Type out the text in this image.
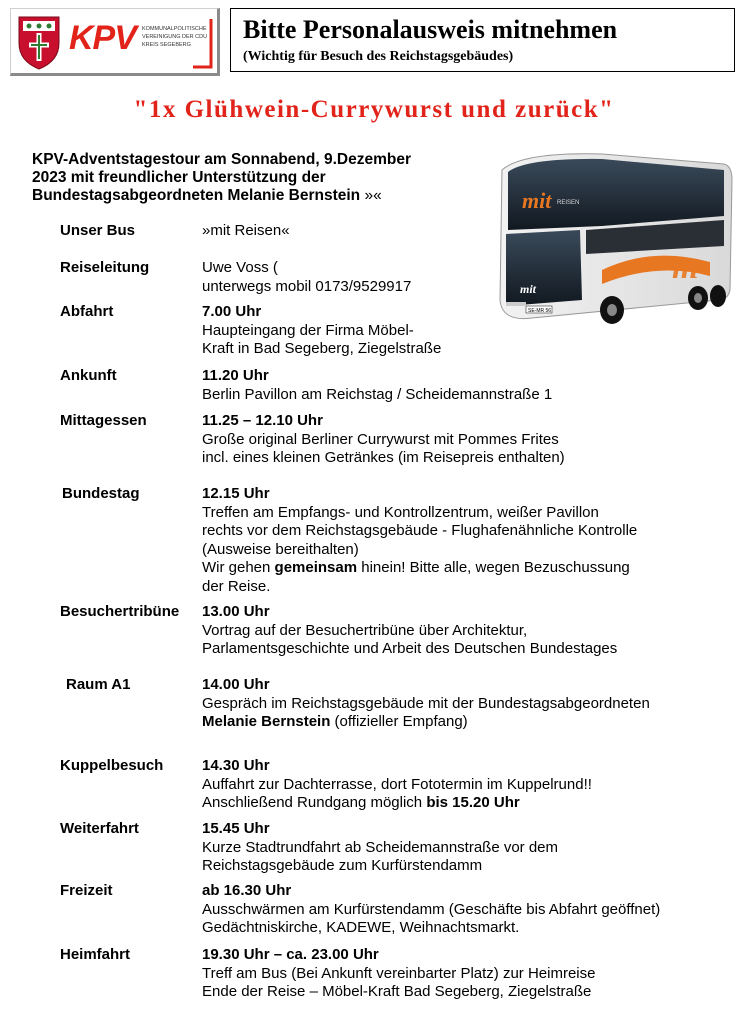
KPV KOMMUNALPOLITISCHE
VEREINIGUNG DER CDU
KREIS SEGEBERG
Bitte Personalausweis mitnehmen
(Wichtig für Besuch des Reichstagsgebäudes)
"1x Glühwein-Currywurst und zurück"
KPV-Adventstagestour am Sonnabend, 9.Dezember
2023 mit freundlicher Unterstützung der
Bundestagsabgeordneten Melanie Bernstein »«	mit REISEN
m
mit
SE-MR 56
Unser Bus	»mit Reisen«
Reiseleitung	Uwe Voss (
unterwegs mobil 0173/9529917
Abfahrt	7.00 Uhr
Haupteingang der Firma Möbel-
Kraft in Bad Segeberg, Ziegelstraße
Ankunft	11.20 Uhr
Berlin Pavillon am Reichstag / Scheidemannstraße 1
Mittagessen	11.25 – 12.10 Uhr
Große original Berliner Currywurst mit Pommes Frites
incl. eines kleinen Getränkes (im Reisepreis enthalten)
Bundestag	12.15 Uhr
Treffen am Empfangs- und Kontrollzentrum, weißer Pavillon
rechts vor dem Reichstagsgebäude - Flughafenähnliche Kontrolle
(Ausweise bereithalten)
Wir gehen gemeinsam hinein! Bitte alle, wegen Bezuschussung
der Reise.
Besuchertribüne 13.00 Uhr
Vortrag auf der Besuchertribüne über Architektur,
Parlamentsgeschichte und Arbeit des Deutschen Bundestages
Raum A1	14.00 Uhr
Gespräch im Reichstagsgebäude mit der Bundestagsabgeordneten
Melanie Bernstein (offizieller Empfang)
Kuppelbesuch	14.30 Uhr
Auffahrt zur Dachterrasse, dort Fototermin im Kuppelrund!!
Anschließend Rundgang möglich bis 15.20 Uhr
Weiterfahrt	15.45 Uhr
Kurze Stadtrundfahrt ab Scheidemannstraße vor dem
Reichstagsgebäude zum Kurfürstendamm
Freizeit	ab 16.30 Uhr
Ausschwärmen am Kurfürstendamm (Geschäfte bis Abfahrt geöffnet)
Gedächtniskirche, KADEWE, Weihnachtsmarkt.
Heimfahrt	19.30 Uhr – ca. 23.00 Uhr
Treff am Bus (Bei Ankunft vereinbarter Platz) zur Heimreise
Ende der Reise – Möbel-Kraft Bad Segeberg, Ziegelstraße
